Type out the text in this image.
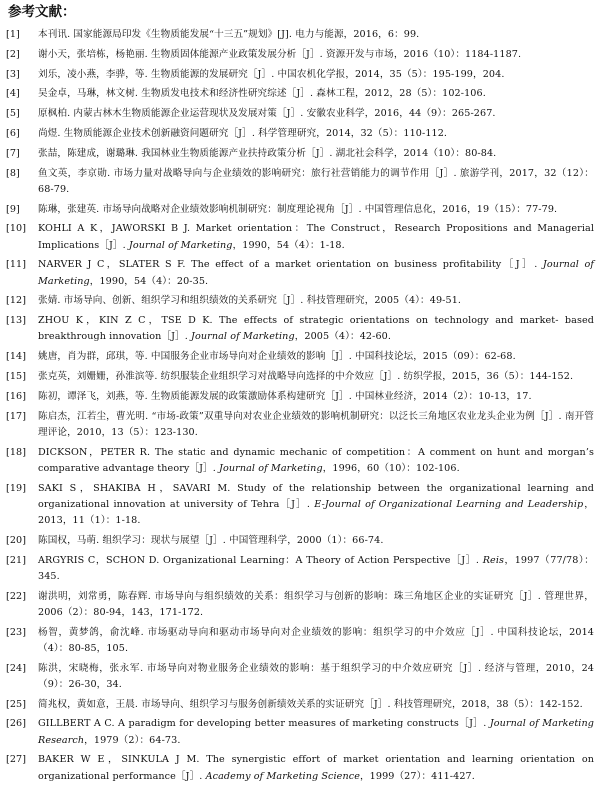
参考文献：
[1]	本刊讯. 国家能源局印发《生物质能发展“十三五”规划》[J]. 电力与能源，2016，6：99.
[2]	谢小天，张培栋，杨艳丽. 生物质固体能源产业政策发展分析［J］. 资源开发与市场，2016（10）：1184-1187.
[3]	刘乐，凌小燕，李骅，等. 生物质能源的发展研究［J］. 中国农机化学报，2014，35（5）：195-199，204.
[4]	吴金卓，马琳，林文树. 生物质发电技术和经济性研究综述［J］. 森林工程，2012，28（5）：102-106.
[5]	原枫柏. 内蒙古林木生物质能源企业运营现状及发展对策［J］. 安徽农业科学，2016，44（9）：265-267.
[6]	尚煜. 生物质能源企业技术创新融资问题研究［J］. 科学管理研究，2014，32（5）：110-112.
[7]	张喆，陈建成，谢璐琳. 我国林业生物质能源产业扶持政策分析［J］. 湖北社会科学，2014（10）：80-84.
[8]	鱼文英，李京勋. 市场力量对战略导向与企业绩效的影响研究：旅行社营销能力的调节作用［J］. 旅游学刊，2017，32（12）：68-79.
[9]	陈琳，张建英. 市场导向战略对企业绩效影响机制研究：制度理论视角［J］. 中国管理信息化，2016，19（15）：77-79.
[10]	KOHLI A K，JAWORSKI B J. Market orientation：The Construct，Research Propositions and Managerial Implications［J］. Journal of Marketing，1990，54（4）：1-18.
[11]	NARVER J C，SLATER S F. The effect of a market orientation on business profitability［J］. Journal of Marketing，1990，54（4）：20-35.
[12]	张婧. 市场导向、创新、组织学习和组织绩效的关系研究［J］. 科技管理研究，2005（4）：49-51.
[13]	ZHOU K，KIN Z C，TSE D K. The effects of strategic orientations on technology and market- based breakthrough innovation［J］. Journal of Marketing，2005（4）：42-60.
[14]	姚唐，肖为群，邱琪，等. 中国服务企业市场导向对企业绩效的影响［J］. 中国科技论坛，2015（09）：62-68.
[15]	张克英，刘姗姗，孙淮滨等. 纺织服装企业组织学习对战略导向选择的中介效应［J］. 纺织学报，2015，36（5）：144-152.
[16]	陈初，谭泽飞，刘燕，等. 生物质能源发展的政策激励体系构建研究［J］. 中国林业经济，2014（2）：10-13，17.
[17]	陈启杰，江若尘，曹光明. “市场-政策”双重导向对农业企业绩效的影响机制研究：以泛长三角地区农业龙头企业为例［J］. 南开管理评论，2010，13（5）：123-130.
[18]	DICKSON，PETER R. The static and dynamic mechanic of competition：A comment on hunt and morgan’s comparative advantage theory［J］. Journal of Marketing，1996，60（10）：102-106.
[19]	SAKI S，SHAKIBA H，SAVARI M. Study of the relationship between the organizational learning and organizational innovation at university of Tehra［J］. E-Journal of Organizational Learning and Leadership，2013，11（1）：1-18.
[20]	陈国权，马萌. 组织学习：现状与展望［J］. 中国管理科学，2000（1）：66-74.
[21]	ARGYRIS C，SCHON D. Organizational Learning：A Theory of Action Perspective［J］. Reis，1997（77/78）：345.
[22]	谢洪明，刘常勇，陈春辉. 市场导向与组织绩效的关系：组织学习与创新的影响：珠三角地区企业的实证研究［J］. 管理世界，2006（2）：80-94，143，171-172.
[23]	杨智，黄梦鸽，俞沈峰. 市场驱动导向和驱动市场导向对企业绩效的影响：组织学习的中介效应［J］. 中国科技论坛，2014（4）：80-85，105.
[24]	陈洪，宋晓梅，张永军. 市场导向对物业服务企业绩效的影响：基于组织学习的中介效应研究［J］. 经济与管理，2010，24（9）：26-30，34.
[25]	简兆权，黄如意，王晨. 市场导向、组织学习与服务创新绩效关系的实证研究［J］. 科技管理研究，2018，38（5）：142-152.
[26]	GILLBERT A C. A paradigm for developing better measures of marketing constructs［J］. Journal of Marketing Research，1979（2）：64-73.
[27]	BAKER W E，SINKULA J M. The synergistic effort of market orientation and learning orientation on organizational performance［J］. Academy of Marketing Science，1999（27）：411-427.
